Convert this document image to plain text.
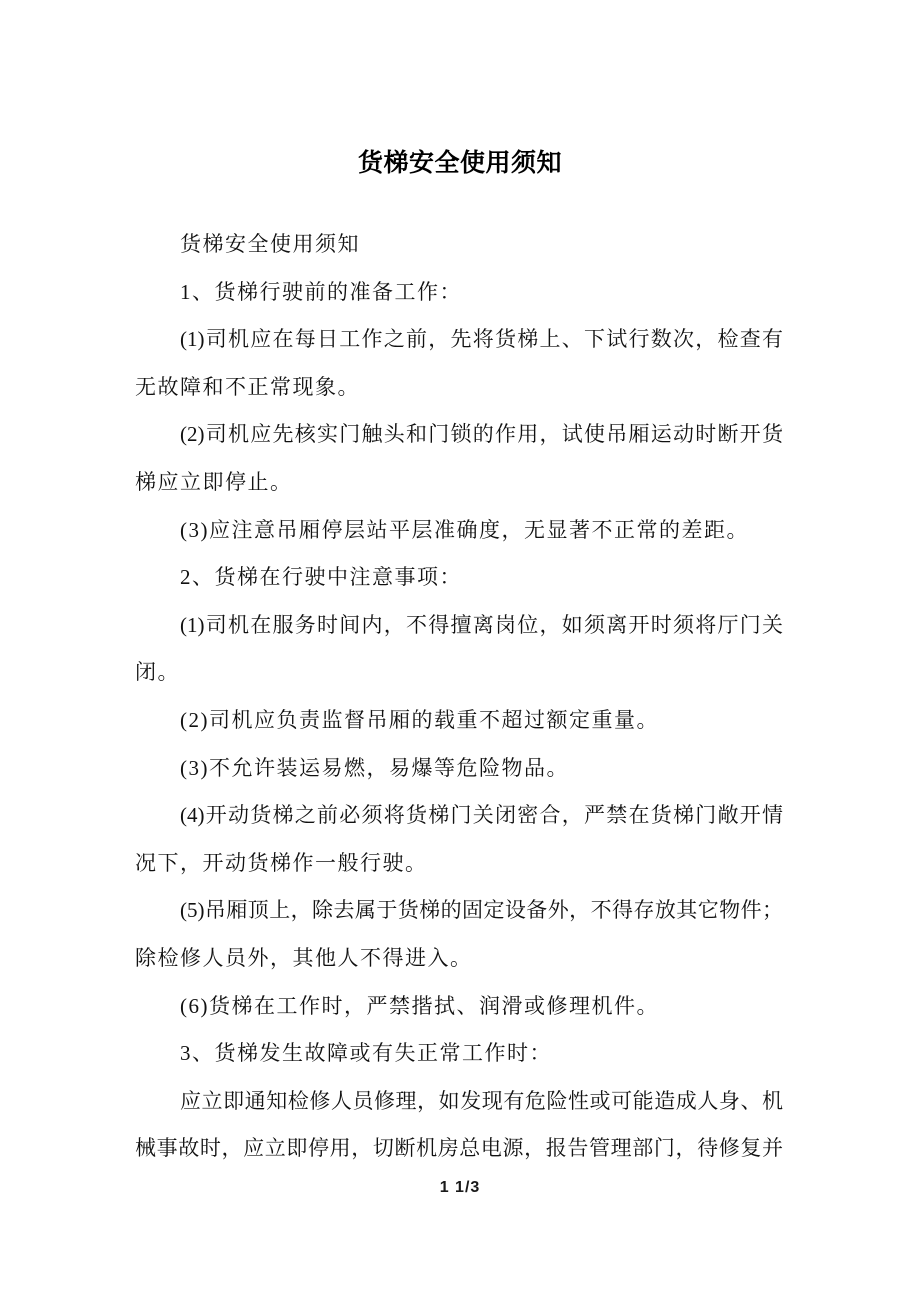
货梯安全使用须知
货梯安全使用须知
1、货梯行驶前的准备工作：
(1)司机应在每日工作之前，先将货梯上、下试行数次，检查有
无故障和不正常现象。
(2)司机应先核实门触头和门锁的作用，试使吊厢运动时断开货
梯应立即停止。
(3)应注意吊厢停层站平层准确度，无显著不正常的差距。
2、货梯在行驶中注意事项：
(1)司机在服务时间内，不得擅离岗位，如须离开时须将厅门关
闭。
(2)司机应负责监督吊厢的载重不超过额定重量。
(3)不允许装运易燃，易爆等危险物品。
(4)开动货梯之前必须将货梯门关闭密合，严禁在货梯门敞开情
况下，开动货梯作一般行驶。
(5)吊厢顶上，除去属于货梯的固定设备外，不得存放其它物件；
除检修人员外，其他人不得进入。
(6)货梯在工作时，严禁揩拭、润滑或修理机件。
3、货梯发生故障或有失正常工作时：
应立即通知检修人员修理，如发现有危险性或可能造成人身、机
械事故时，应立即停用，切断机房总电源，报告管理部门，待修复并
1 1/3
